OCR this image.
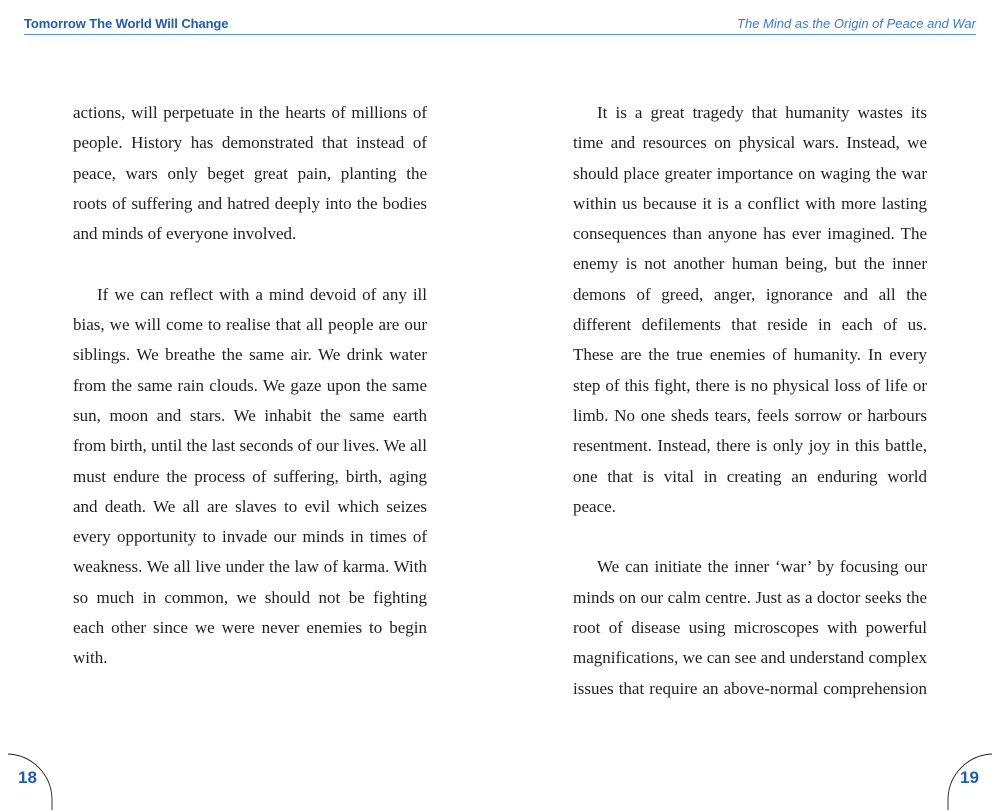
Tomorrow The World Will Change	The Mind as the Origin of Peace and War

actions, will perpetuate in the hearts of millions of people. History has demonstrated that instead of peace, wars only beget great pain, planting the roots of suffering and hatred deeply into the bodies and minds of everyone involved.

If we can reflect with a mind devoid of any ill bias, we will come to realise that all people are our siblings. We breathe the same air. We drink water from the same rain clouds. We gaze upon the same sun, moon and stars. We inhabit the same earth from birth, until the last seconds of our lives. We all must endure the process of suffering, birth, aging and death. We all are slaves to evil which seizes every opportunity to invade our minds in times of weakness. We all live under the law of karma. With so much in common, we should not be fighting each other since we were never enemies to begin with.

It is a great tragedy that humanity wastes its time and resources on physical wars. Instead, we should place greater importance on waging the war within us because it is a conflict with more lasting consequences than anyone has ever imagined. The enemy is not another human being, but the inner demons of greed, anger, ignorance and all the different defilements that reside in each of us. These are the true enemies of humanity. In every step of this fight, there is no physical loss of life or limb. No one sheds tears, feels sorrow or harbours resentment. Instead, there is only joy in this battle, one that is vital in creating an enduring world peace.

We can initiate the inner ‘war’ by focusing our minds on our calm centre. Just as a doctor seeks the root of disease using microscopes with powerful magnifications, we can see and understand complex issues that require an above-normal comprehension

18	19
